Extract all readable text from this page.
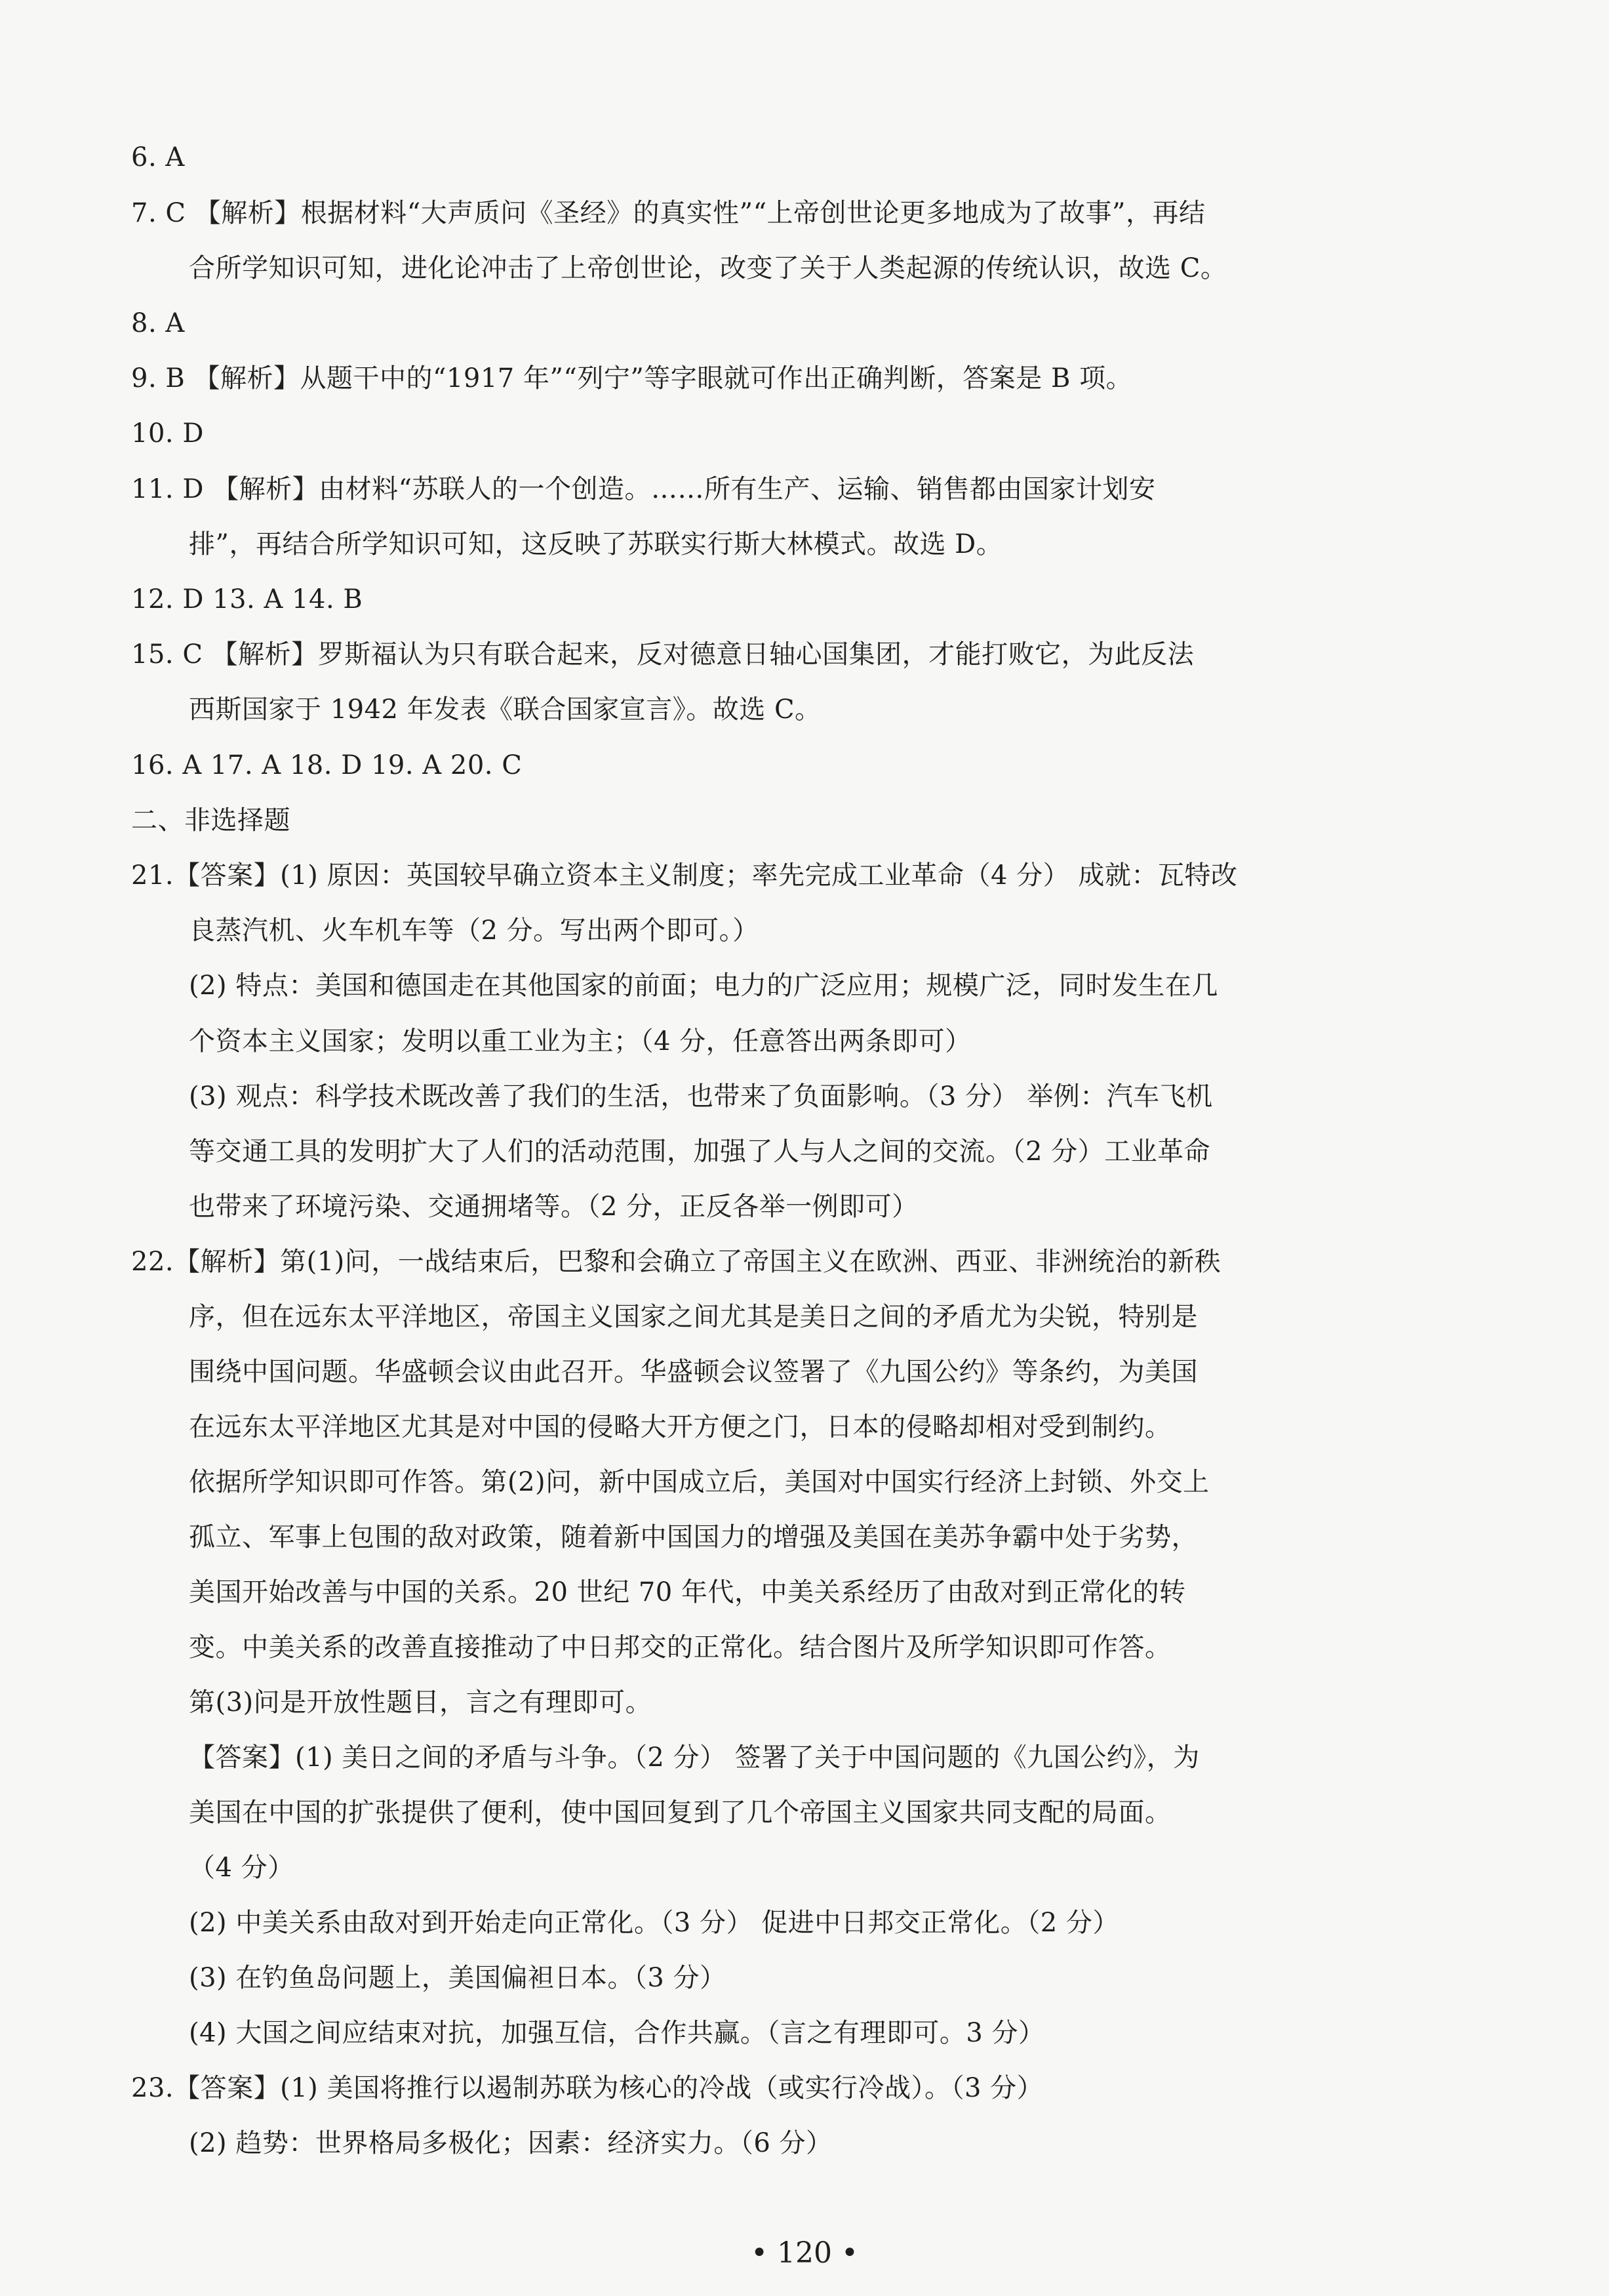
6. A
7. C 【解析】根据材料“大声质问《圣经》的真实性”“上帝创世论更多地成为了故事”，再结
合所学知识可知，进化论冲击了上帝创世论，改变了关于人类起源的传统认识，故选 C。
8. A
9. B 【解析】从题干中的“1917 年”“列宁”等字眼就可作出正确判断，答案是 B 项。
10. D
11. D 【解析】由材料“苏联人的一个创造。……所有生产、运输、销售都由国家计划安
排”，再结合所学知识可知，这反映了苏联实行斯大林模式。故选 D。
12. D 13. A 14. B
15. C 【解析】罗斯福认为只有联合起来，反对德意日轴心国集团，才能打败它，为此反法
西斯国家于 1942 年发表《联合国家宣言》。故选 C。
16. A 17. A 18. D 19. A 20. C
二、非选择题
21.【答案】(1) 原因：英国较早确立资本主义制度；率先完成工业革命（4 分） 成就：瓦特改
良蒸汽机、火车机车等（2 分。写出两个即可。）
(2) 特点：美国和德国走在其他国家的前面；电力的广泛应用；规模广泛，同时发生在几
个资本主义国家；发明以重工业为主；（4 分，任意答出两条即可）
(3) 观点：科学技术既改善了我们的生活，也带来了负面影响。（3 分） 举例：汽车飞机
等交通工具的发明扩大了人们的活动范围，加强了人与人之间的交流。（2 分）工业革命
也带来了环境污染、交通拥堵等。（2 分，正反各举一例即可）
22.【解析】第(1)问，一战结束后，巴黎和会确立了帝国主义在欧洲、西亚、非洲统治的新秩
序，但在远东太平洋地区，帝国主义国家之间尤其是美日之间的矛盾尤为尖锐，特别是
围绕中国问题。华盛顿会议由此召开。华盛顿会议签署了《九国公约》等条约，为美国
在远东太平洋地区尤其是对中国的侵略大开方便之门，日本的侵略却相对受到制约。
依据所学知识即可作答。第(2)问，新中国成立后，美国对中国实行经济上封锁、外交上
孤立、军事上包围的敌对政策，随着新中国国力的增强及美国在美苏争霸中处于劣势，
美国开始改善与中国的关系。20 世纪 70 年代，中美关系经历了由敌对到正常化的转
变。中美关系的改善直接推动了中日邦交的正常化。结合图片及所学知识即可作答。
第(3)问是开放性题目，言之有理即可。
【答案】(1) 美日之间的矛盾与斗争。（2 分） 签署了关于中国问题的《九国公约》，为
美国在中国的扩张提供了便利，使中国回复到了几个帝国主义国家共同支配的局面。
（4 分）
(2) 中美关系由敌对到开始走向正常化。（3 分） 促进中日邦交正常化。（2 分）
(3) 在钓鱼岛问题上，美国偏袒日本。（3 分）
(4) 大国之间应结束对抗，加强互信，合作共赢。（言之有理即可。3 分）
23.【答案】(1) 美国将推行以遏制苏联为核心的冷战（或实行冷战）。（3 分）
(2) 趋势：世界格局多极化；因素：经济实力。（6 分）
• 120 •
